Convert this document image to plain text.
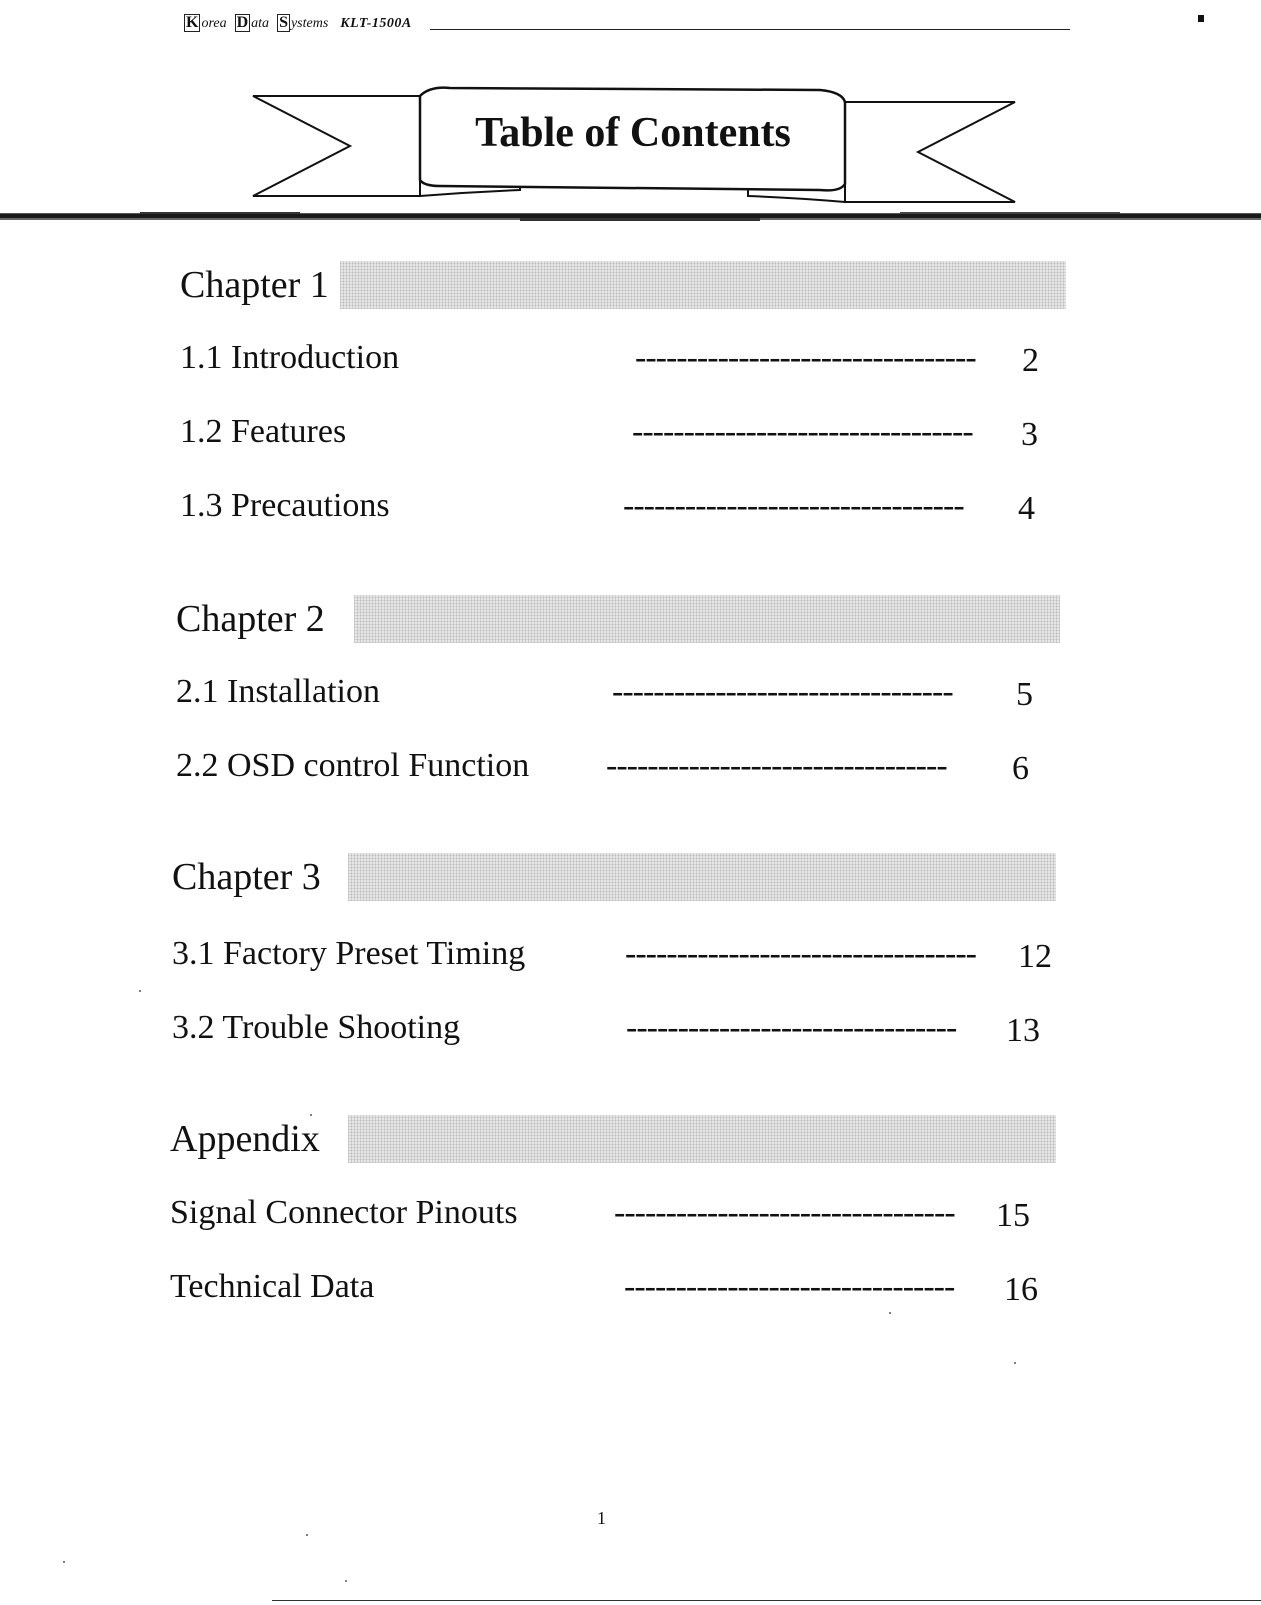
K orea D ata S ystems KLT-1500A
Table of Contents
Chapter 1
1.1 Introduction	--------------------------------- 2
1.2 Features	--------------------------------- 3
1.3 Precautions	--------------------------------- 4
Chapter 2
2.1 Installation	--------------------------------- 5
2.2 OSD control Function --------------------------------- 6
Chapter 3
3.1 Factory Preset Timing	---------------------------------- 12
3.2 Trouble Shooting	-------------------------------- 13
Appendix
Signal Connector Pinouts	--------------------------------- 15
Technical Data	-------------------------------- 16
1
